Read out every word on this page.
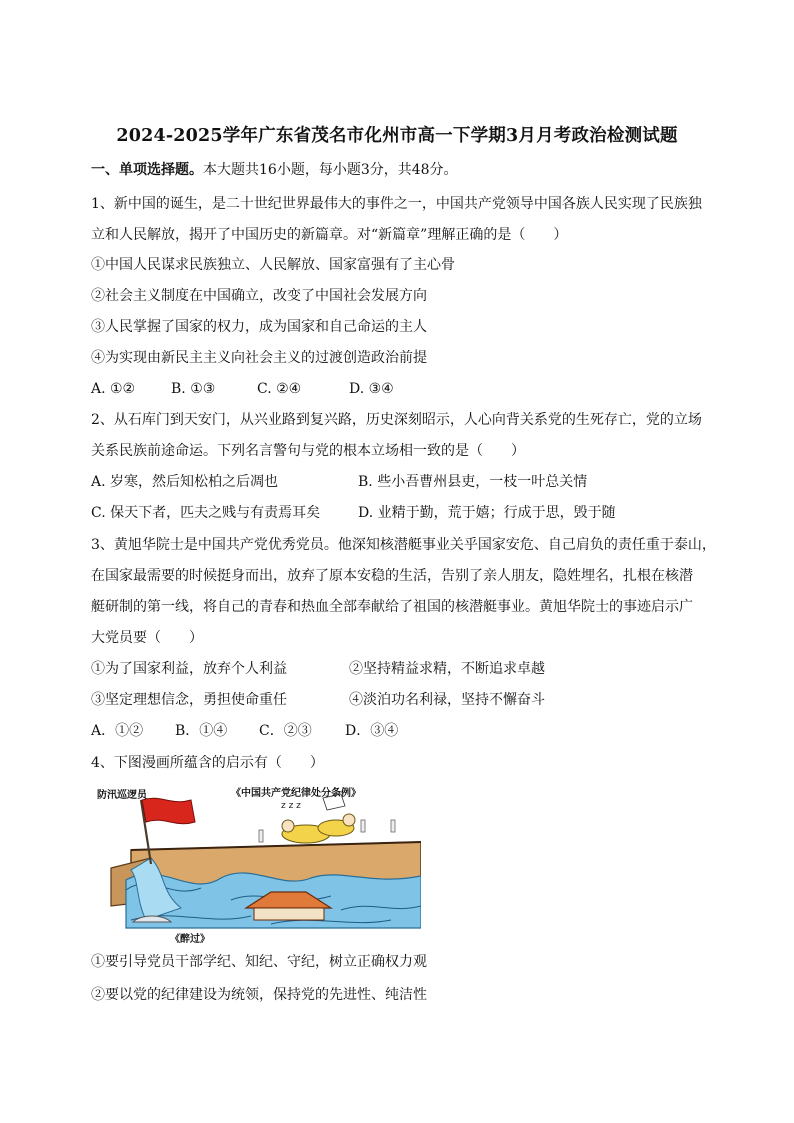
2024-2025学年广东省茂名市化州市高一下学期3月月考政治检测试题
一、单项选择题。本大题共16小题，每小题3分，共48分。
1、新中国的诞生，是二十世纪世界最伟大的事件之一，中国共产党领导中国各族人民实现了民族独
立和人民解放，揭开了中国历史的新篇章。对“新篇章”理解正确的是（　　）
①中国人民谋求民族独立、人民解放、国家富强有了主心骨
②社会主义制度在中国确立，改变了中国社会发展方向
③人民掌握了国家的权力，成为国家和自己命运的主人
④为实现由新民主主义向社会主义的过渡创造政治前提
A. ①②	B. ①③	C. ②④	D. ③④
2、从石库门到天安门，从兴业路到复兴路，历史深刻昭示，人心向背关系党的生死存亡，党的立场
关系民族前途命运。下列名言警句与党的根本立场相一致的是（　　）
A. 岁寒，然后知松柏之后凋也	B. 些小吾曹州县吏，一枝一叶总关情
C. 保天下者，匹夫之贱与有责焉耳矣	D. 业精于勤，荒于嬉；行成于思，毁于随
3、黄旭华院士是中国共产党优秀党员。他深知核潜艇事业关乎国家安危、自己肩负的责任重于泰山，
在国家最需要的时候挺身而出，放弃了原本安稳的生活，告别了亲人朋友，隐姓埋名，扎根在核潜
艇研制的第一线，将自己的青春和热血全部奉献给了祖国的核潜艇事业。黄旭华院士的事迹启示广
大党员要（　　）
①为了国家利益，放弃个人利益	②坚持精益求精，不断追求卓越
③坚定理想信念，勇担使命重任	④淡泊功名利禄，坚持不懈奋斗
A．①② B．①④ C．②③ D．③④
4、下图漫画所蕴含的启示有（　　）
z z z
防汛巡逻员	《中国共产党纪律处分条例》
《醉过》
①要引导党员干部学纪、知纪、守纪，树立正确权力观
②要以党的纪律建设为统领，保持党的先进性、纯洁性
